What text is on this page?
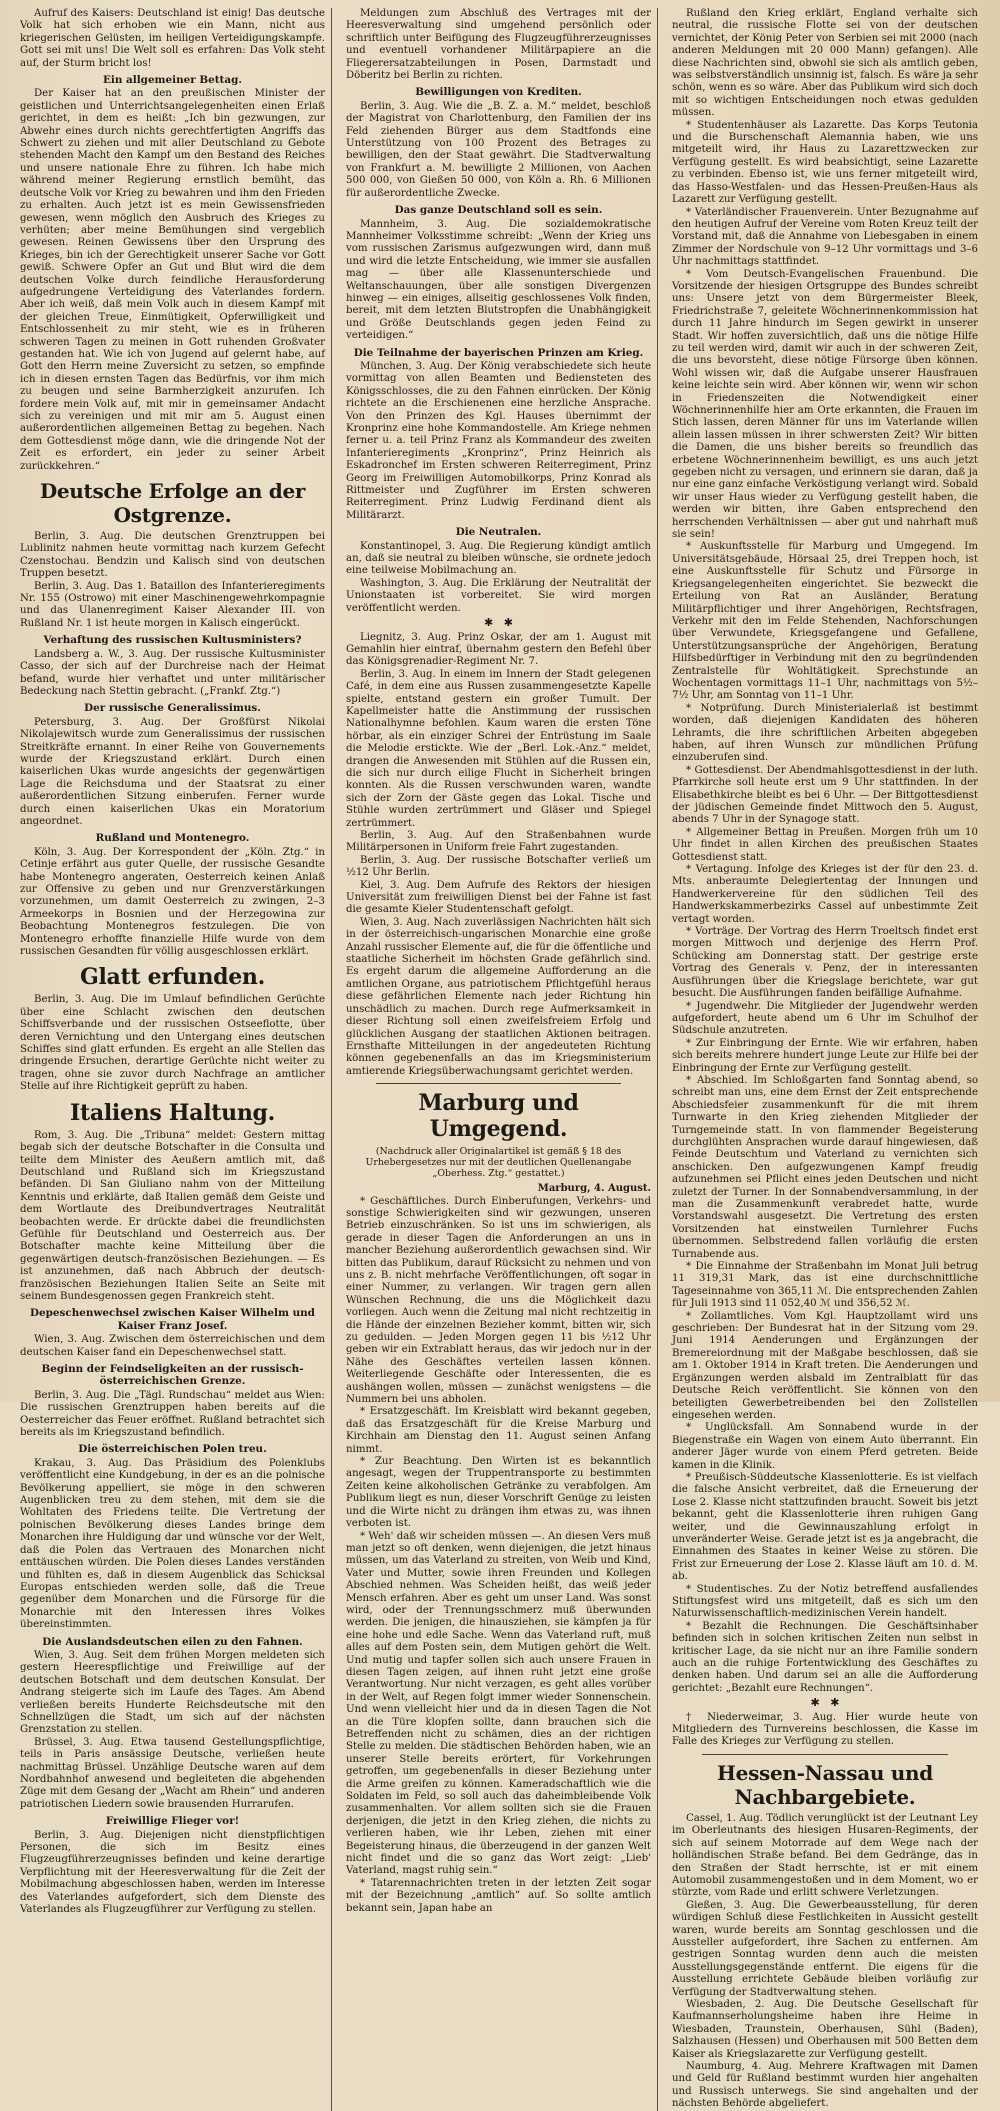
Aufruf des Kaisers: Deutschland ist einig! Das deutsche Volk hat sich erhoben wie ein Mann, nicht aus kriegerischen Gelüsten, im heiligen Verteidigungskampfe. Gott sei mit uns! Die Welt soll es erfahren: Das Volk steht auf, der Sturm bricht los!

Ein allgemeiner Bettag.

Der Kaiser hat an den preußischen Minister der geistlichen und Unterrichtsangelegenheiten einen Erlaß gerichtet, in dem es heißt: „Ich bin gezwungen, zur Abwehr eines durch nichts gerechtfertigten Angriffs das Schwert zu ziehen und mit aller Deutschland zu Gebote stehenden Macht den Kampf um den Bestand des Reiches und unsere nationale Ehre zu führen. Ich habe mich während meiner Regierung ernstlich bemüht, das deutsche Volk vor Krieg zu bewahren und ihm den Frieden zu erhalten. Auch jetzt ist es mein Gewissensfrieden gewesen, wenn möglich den Ausbruch des Krieges zu verhüten; aber meine Bemühungen sind vergeblich gewesen. Reinen Gewissens über den Ursprung des Krieges, bin ich der Gerechtigkeit unserer Sache vor Gott gewiß. Schwere Opfer an Gut und Blut wird die dem deutschen Volke durch feindliche Herausforderung aufgedrungene Verteidigung des Vaterlandes fordern. Aber ich weiß, daß mein Volk auch in diesem Kampf mit der gleichen Treue, Einmütigkeit, Opferwilligkeit und Entschlossenheit zu mir steht, wie es in früheren schweren Tagen zu meinen in Gott ruhenden Großvater gestanden hat. Wie ich von Jugend auf gelernt habe, auf Gott den Herrn meine Zuversicht zu setzen, so empfinde ich in diesen ernsten Tagen das Bedürfnis, vor ihm mich zu beugen und seine Barmherzigkeit anzurufen. Ich fordere mein Volk auf, mit mir in gemeinsamer Andacht sich zu vereinigen und mit mir am 5. August einen außerordentlichen allgemeinen Bettag zu begehen. Nach dem Gottesdienst möge dann, wie die dringende Not der Zeit es erfordert, ein jeder zu seiner Arbeit zurückkehren.“

Deutsche Erfolge an der Ostgrenze.

Berlin, 3. Aug. Die deutschen Grenztruppen bei Lublinitz nahmen heute vormittag nach kurzem Gefecht Czenstochau. Bendzin und Kalisch sind von deutschen Truppen besetzt.

Berlin, 3. Aug. Das 1. Bataillon des Infanterieregiments Nr. 155 (Ostrowo) mit einer Maschinengewehrkompagnie und das Ulanenregiment Kaiser Alexander III. von Rußland Nr. 1 ist heute morgen in Kalisch eingerückt.

Verhaftung des russischen Kultusministers?

Landsberg a. W., 3. Aug. Der russische Kultusminister Casso, der sich auf der Durchreise nach der Heimat befand, wurde hier verhaftet und unter militärischer Bedeckung nach Stettin gebracht. („Frankf. Ztg.“)

Der russische Generalissimus.

Petersburg, 3. Aug. Der Großfürst Nikolai Nikolajewitsch wurde zum Generalissimus der russischen Streitkräfte ernannt. In einer Reihe von Gouvernements wurde der Kriegszustand erklärt. Durch einen kaiserlichen Ukas wurde angesichts der gegenwärtigen Lage die Reichsduma und der Staatsrat zu einer außerordentlichen Sitzung einberufen. Ferner wurde durch einen kaiserlichen Ukas ein Moratorium angeordnet.

Rußland und Montenegro.

Köln, 3. Aug. Der Korrespondent der „Köln. Ztg.“ in Cetinje erfährt aus guter Quelle, der russische Gesandte habe Montenegro angeraten, Oesterreich keinen Anlaß zur Offensive zu geben und nur Grenzverstärkungen vorzunehmen, um damit Oesterreich zu zwingen, 2–3 Armeekorps in Bosnien und der Herzegowina zur Beobachtung Montenegros festzulegen. Die von Montenegro erhoffte finanzielle Hilfe wurde von dem russischen Gesandten für völlig ausgeschlossen erklärt.

Glatt erfunden.

Berlin, 3. Aug. Die im Umlauf befindlichen Gerüchte über eine Schlacht zwischen den deutschen Schiffsverbande und der russischen Ostseeflotte, über deren Vernichtung und den Untergang eines deutschen Schiffes sind glatt erfunden. Es ergeht an alle Stellen das dringende Ersuchen, derartige Gerüchte nicht weiter zu tragen, ohne sie zuvor durch Nachfrage an amtlicher Stelle auf ihre Richtigkeit geprüft zu haben.

Italiens Haltung.

Rom, 3. Aug. Die „Tribuna“ meldet: Gestern mittag begab sich der deutsche Botschafter in die Consulta und teilte dem Minister des Aeußern amtlich mit, daß Deutschland und Rußland sich im Kriegszustand befänden. Di San Giuliano nahm von der Mitteilung Kenntnis und erklärte, daß Italien gemäß dem Geiste und dem Wortlaute des Dreibundvertrages Neutralität beobachten werde. Er drückte dabei die freundlichsten Gefühle für Deutschland und Oesterreich aus. Der Botschafter machte keine Mitteilung über die gegenwärtigen deutsch-französischen Beziehungen. — Es ist anzunehmen, daß nach Abbruch der deutsch-französischen Beziehungen Italien Seite an Seite mit seinem Bundesgenossen gegen Frankreich steht.

Depeschenwechsel zwischen Kaiser Wilhelm und Kaiser Franz Josef.

Wien, 3. Aug. Zwischen dem österreichischen und dem deutschen Kaiser fand ein Depeschenwechsel statt.

Beginn der Feindseligkeiten an der russisch-österreichischen Grenze.

Berlin, 3. Aug. Die „Tägl. Rundschau“ meldet aus Wien: Die russischen Grenztruppen haben bereits auf die Oesterreicher das Feuer eröffnet. Rußland betrachtet sich bereits als im Kriegszustand befindlich.

Die österreichischen Polen treu.

Krakau, 3. Aug. Das Präsidium des Polenklubs veröffentlicht eine Kundgebung, in der es an die polnische Bevölkerung appelliert, sie möge in den schweren Augenblicken treu zu dem stehen, mit dem sie die Wohltaten des Friedens teilte. Die Vertretung der polnischen Bevölkerung dieses Landes bringe dem Monarchen ihre Huldigung dar und wünsche vor der Welt, daß die Polen das Vertrauen des Monarchen nicht enttäuschen würden. Die Polen dieses Landes verständen und fühlten es, daß in diesem Augenblick das Schicksal Europas entschieden werden solle, daß die Treue gegenüber dem Monarchen und die Fürsorge für die Monarchie mit den Interessen ihres Volkes übereinstimmten.

Die Auslandsdeutschen eilen zu den Fahnen.

Wien, 3. Aug. Seit dem frühen Morgen meldeten sich gestern Heerespflichtige und Freiwillige auf der deutschen Botschaft und dem deutschen Konsulat. Der Andrang steigerte sich im Laufe des Tages. Am Abend verließen bereits Hunderte Reichsdeutsche mit den Schnellzügen die Stadt, um sich auf der nächsten Grenzstation zu stellen.

Brüssel, 3. Aug. Etwa tausend Gestellungspflichtige, teils in Paris ansässige Deutsche, verließen heute nachmittag Brüssel. Unzählige Deutsche waren auf dem Nordbahnhof anwesend und begleiteten die abgehenden Züge mit dem Gesang der „Wacht am Rhein“ und anderen patriotischen Liedern sowie brausenden Hurrarufen.

Freiwillige Flieger vor!

Berlin, 3. Aug. Diejenigen nicht dienstpflichtigen Personen, die sich im Besitz eines Flugzeugführerzeugnisses befinden und keine derartige Verpflichtung mit der Heeresverwaltung für die Zeit der Mobilmachung abgeschlossen haben, werden im Interesse des Vaterlandes aufgefordert, sich dem Dienste des Vaterlandes als Flugzeugführer zur Verfügung zu stellen.

Meldungen zum Abschluß des Vertrages mit der Heeresverwaltung sind umgehend persönlich oder schriftlich unter Beifügung des Flugzeugführerzeugnisses und eventuell vorhandener Militärpapiere an die Fliegerersatzabteilungen in Posen, Darmstadt und Döberitz bei Berlin zu richten.

Bewilligungen von Krediten.

Berlin, 3. Aug. Wie die „B. Z. a. M.“ meldet, beschloß der Magistrat von Charlottenburg, den Familien der ins Feld ziehenden Bürger aus dem Stadtfonds eine Unterstützung von 100 Prozent des Betrages zu bewilligen, den der Staat gewährt. Die Stadtverwaltung von Frankfurt a. M. bewilligte 2 Millionen, von Aachen 500 000, von Gießen 50 000, von Köln a. Rh. 6 Millionen für außerordentliche Zwecke.

Das ganze Deutschland soll es sein.

Mannheim, 3. Aug. Die sozialdemokratische Mannheimer Volksstimme schreibt: „Wenn der Krieg uns vom russischen Zarismus aufgezwungen wird, dann muß und wird die letzte Entscheidung, wie immer sie ausfallen mag — über alle Klassenunterschiede und Weltanschauungen, über alle sonstigen Divergenzen hinweg — ein einiges, allseitig geschlossenes Volk finden, bereit, mit dem letzten Blutstropfen die Unabhängigkeit und Größe Deutschlands gegen jeden Feind zu verteidigen.“

Die Teilnahme der bayerischen Prinzen am Krieg.

München, 3. Aug. Der König verabschiedete sich heute vormittag von allen Beamten und Bediensteten des Königsschlosses, die zu den Fahnen einrücken. Der König richtete an die Erschienenen eine herzliche Ansprache. Von den Prinzen des Kgl. Hauses übernimmt der Kronprinz eine hohe Kommandostelle. Am Kriege nehmen ferner u. a. teil Prinz Franz als Kommandeur des zweiten Infanterieregiments „Kronprinz“, Prinz Heinrich als Eskadronchef im Ersten schweren Reiterregiment, Prinz Georg im Freiwilligen Automobilkorps, Prinz Konrad als Rittmeister und Zugführer im Ersten schweren Reiterregiment. Prinz Ludwig Ferdinand dient als Militärarzt.

Die Neutralen.

Konstantinopel, 3. Aug. Die Regierung kündigt amtlich an, daß sie neutral zu bleiben wünsche, sie ordnete jedoch eine teilweise Mobilmachung an.

Washington, 3. Aug. Die Erklärung der Neutralität der Unionstaaten ist vorbereitet. Sie wird morgen veröffentlicht werden.

✱   ✱

Liegnitz, 3. Aug. Prinz Oskar, der am 1. August mit Gemahlin hier eintraf, übernahm gestern den Befehl über das Königsgrenadier-Regiment Nr. 7.

Berlin, 3. Aug. In einem im Innern der Stadt gelegenen Café, in dem eine aus Russen zusammengesetzte Kapelle spielte, entstand gestern ein großer Tumult. Der Kapellmeister hatte die Anstimmung der russischen Nationalhymne befohlen. Kaum waren die ersten Töne hörbar, als ein einziger Schrei der Entrüstung im Saale die Melodie erstickte. Wie der „Berl. Lok.-Anz.“ meldet, drangen die Anwesenden mit Stühlen auf die Russen ein, die sich nur durch eilige Flucht in Sicherheit bringen konnten. Als die Russen verschwunden waren, wandte sich der Zorn der Gäste gegen das Lokal. Tische und Stühle wurden zertrümmert und Gläser und Spiegel zertrümmert.

Berlin, 3. Aug. Auf den Straßenbahnen wurde Militärpersonen in Uniform freie Fahrt zugestanden.

Berlin, 3. Aug. Der russische Botschafter verließ um ½12 Uhr Berlin.

Kiel, 3. Aug. Dem Aufrufe des Rektors der hiesigen Universität zum freiwilligen Dienst bei der Fahne ist fast die gesamte Kieler Studentenschaft gefolgt.

Wien, 3. Aug. Nach zuverlässigen Nachrichten hält sich in der österreichisch-ungarischen Monarchie eine große Anzahl russischer Elemente auf, die für die öffentliche und staatliche Sicherheit im höchsten Grade gefährlich sind. Es ergeht darum die allgemeine Aufforderung an die amtlichen Organe, aus patriotischem Pflichtgefühl heraus diese gefährlichen Elemente nach jeder Richtung hin unschädlich zu machen. Durch rege Aufmerksamkeit in dieser Richtung soll einen zweifelsfreiem Erfolg und glücklichen Ausgang der staatlichen Aktionen beitragen. Ernsthafte Mitteilungen in der angedeuteten Richtung können gegebenenfalls an das im Kriegsministerium amtierende Kriegsüberwachungsamt gerichtet werden.

Marburg und Umgegend.
(Nachdruck aller Originalartikel ist gemäß § 18 des Urhebergesetzes nur mit der deutlichen Quellenangabe „Oberhess. Ztg.“ gestattet.)
Marburg, 4. August.

* Geschäftliches. Durch Einberufungen, Verkehrs- und sonstige Schwierigkeiten sind wir gezwungen, unseren Betrieb einzuschränken. So ist uns im schwierigen, als gerade in dieser Tagen die Anforderungen an uns in mancher Beziehung außerordentlich gewachsen sind. Wir bitten das Publikum, darauf Rücksicht zu nehmen und von uns z. B. nicht mehrfache Veröffentlichungen, oft sogar in einer Nummer, zu verlangen. Wir tragen gern allen Wünschen Rechnung, die uns die Möglichkeit dazu vorliegen. Auch wenn die Zeitung mal nicht rechtzeitig in die Hände der einzelnen Bezieher kommt, bitten wir, sich zu gedulden. — Jeden Morgen gegen 11 bis ½12 Uhr geben wir ein Extrablatt heraus, das wir jedoch nur in der Nähe des Geschäftes verteilen lassen können. Weiterliegende Geschäfte oder Interessenten, die es aushängen wollen, müssen — zunächst wenigstens — die Nummern bei uns abholen.

* Ersatzgeschäft. Im Kreisblatt wird bekannt gegeben, daß das Ersatzgeschäft für die Kreise Marburg und Kirchhain am Dienstag den 11. August seinen Anfang nimmt.

* Zur Beachtung. Den Wirten ist es bekanntlich angesagt, wegen der Truppentransporte zu bestimmten Zeiten keine alkoholischen Getränke zu verabfolgen. Am Publikum liegt es nun, dieser Vorschrift Genüge zu leisten und die Wirte nicht zu drängen ihm etwas zu, was ihnen verboten ist.

* Weh' daß wir scheiden müssen —. An diesen Vers muß man jetzt so oft denken, wenn diejenigen, die jetzt hinaus müssen, um das Vaterland zu streiten, von Weib und Kind, Vater und Mutter, sowie ihren Freunden und Kollegen Abschied nehmen. Was Scheiden heißt, das weiß jeder Mensch erfahren. Aber es geht um unser Land. Was sonst wird, oder der Trennungsschmerz muß überwunden werden. Die jenigen, die hinausziehen, sie kämpfen ja für eine hohe und edle Sache. Wenn das Vaterland ruft, muß alles auf dem Posten sein, dem Mutigen gehört die Welt. Und mutig und tapfer sollen sich auch unsere Frauen in diesen Tagen zeigen, auf ihnen ruht jetzt eine große Verantwortung. Nur nicht verzagen, es geht alles vorüber in der Welt, auf Regen folgt immer wieder Sonnenschein. Und wenn vielleicht hier und da in diesen Tagen die Not an die Türe klopfen sollte, dann brauchen sich die Betreffenden nicht zu schämen, dies an der richtigen Stelle zu melden. Die städtischen Behörden haben, wie an unserer Stelle bereits erörtert, für Vorkehrungen getroffen, um gegebenenfalls in dieser Beziehung unter die Arme greifen zu können. Kameradschaftlich wie die Soldaten im Feld, so soll auch das daheimbleibende Volk zusammenhalten. Vor allem sollten sich sie die Frauen derjenigen, die jetzt in den Krieg ziehen, die nichts zu verlieren haben, wie ihr Leben, ziehen mit einer Begeisterung hinaus, die überzeugend in der ganzen Welt nicht findet und die so ganz das Wort zeigt: „Lieb' Vaterland, magst ruhig sein.“

* Tatarennachrichten treten in der letzten Zeit sogar mit der Bezeichnung „amtlich“ auf. So sollte amtlich bekannt sein, Japan habe an

Rußland den Krieg erklärt, England verhalte sich neutral, die russische Flotte sei von der deutschen vernichtet, der König Peter von Serbien sei mit 2000 (nach anderen Meldungen mit 20 000 Mann) gefangen). Alle diese Nachrichten sind, obwohl sie sich als amtlich geben, was selbstverständlich unsinnig ist, falsch. Es wäre ja sehr schön, wenn es so wäre. Aber das Publikum wird sich doch mit so wichtigen Entscheidungen noch etwas gedulden müssen.

* Studentenhäuser als Lazarette. Das Korps Teutonia und die Burschenschaft Alemannia haben, wie uns mitgeteilt wird, ihr Haus zu Lazarettzwecken zur Verfügung gestellt. Es wird beabsichtigt, seine Lazarette zu verbinden. Ebenso ist, wie uns ferner mitgeteilt wird, das Hasso-Westfalen- und das Hessen-Preußen-Haus als Lazarett zur Verfügung gestellt.

* Vaterländischer Frauenverein. Unter Bezugnahme auf den heutigen Aufruf der Vereine vom Roten Kreuz teilt der Vorstand mit, daß die Annahme von Liebesgaben in einem Zimmer der Nordschule von 9–12 Uhr vormittags und 3–6 Uhr nachmittags stattfindet.

* Vom Deutsch-Evangelischen Frauenbund. Die Vorsitzende der hiesigen Ortsgruppe des Bundes schreibt uns: Unsere jetzt von dem Bürgermeister Bleek, Friedrichstraße 7, geleitete Wöchnerinnenkommission hat durch 11 Jahre hindurch im Segen gewirkt in unserer Stadt. Wir hoffen zuversichtlich, daß uns die nötige Hilfe zu teil werden wird, damit wir auch in der schweren Zeit, die uns bevorsteht, diese nötige Fürsorge üben können. Wohl wissen wir, daß die Aufgabe unserer Hausfrauen keine leichte sein wird. Aber können wir, wenn wir schon in Friedenszeiten die Notwendigkeit einer Wöchnerinnenhilfe hier am Orte erkannten, die Frauen im Stich lassen, deren Männer für uns im Vaterlande willen allein lassen müssen in ihrer schwersten Zeit? Wir bitten die Damen, die uns bisher bereits so freundlich das erbetene Wöchnerinnenheim bewilligt, es uns auch jetzt gegeben nicht zu versagen, und erinnern sie daran, daß ja nur eine ganz einfache Verköstigung verlangt wird. Sobald wir unser Haus wieder zu Verfügung gestellt haben, die werden wir bitten, ihre Gaben entsprechend den herrschenden Verhältnissen — aber gut und nahrhaft muß sie sein!

* Auskunftsstelle für Marburg und Umgegend. Im Universitätsgebäude, Hörsaal 25, drei Treppen hoch, ist eine Auskunftsstelle für Schutz und Fürsorge in Kriegsangelegenheiten eingerichtet. Sie bezweckt die Erteilung von Rat an Ausländer, Beratung Militärpflichtiger und ihrer Angehörigen, Rechtsfragen, Verkehr mit den im Felde Stehenden, Nachforschungen über Verwundete, Kriegsgefangene und Gefallene, Unterstützungsansprüche der Angehörigen, Beratung Hilfsbedürftiger in Verbindung mit den zu begründenden Zentralstelle für Wohltätigkeit. Sprechstunde an Wochentagen vormittags 11–1 Uhr, nachmittags von 5½–7½ Uhr, am Sonntag von 11–1 Uhr.

* Notprüfung. Durch Ministerialerlaß ist bestimmt worden, daß diejenigen Kandidaten des höheren Lehramts, die ihre schriftlichen Arbeiten abgegeben haben, auf ihren Wunsch zur mündlichen Prüfung einzuberufen sind.

* Gottesdienst. Der Abendmahlsgottesdienst in der luth. Pfarrkirche soll heute erst um 9 Uhr stattfinden. In der Elisabethkirche bleibt es bei 6 Uhr. — Der Bittgottesdienst der jüdischen Gemeinde findet Mittwoch den 5. August, abends 7 Uhr in der Synagoge statt.

* Allgemeiner Bettag in Preußen. Morgen früh um 10 Uhr findet in allen Kirchen des preußischen Staates Gottesdienst statt.

* Vertagung. Infolge des Krieges ist der für den 23. d. Mts. anberaumte Delegiertentag der Innungen und Handwerkervereine für den südlichen Teil des Handwerkskammerbezirks Cassel auf unbestimmte Zeit vertagt worden.

* Vorträge. Der Vortrag des Herrn Troeltsch findet erst morgen Mittwoch und derjenige des Herrn Prof. Schücking am Donnerstag statt. Der gestrige erste Vortrag des Generals v. Penz, der in interessanten Ausführungen über die Kriegslage berichtete, war gut besucht. Die Ausführungen fanden beifällige Aufnahme.

* Jugendwehr. Die Mitglieder der Jugendwehr werden aufgefordert, heute abend um 6 Uhr im Schulhof der Südschule anzutreten.

* Zur Einbringung der Ernte. Wie wir erfahren, haben sich bereits mehrere hundert junge Leute zur Hilfe bei der Einbringung der Ernte zur Verfügung gestellt.

* Abschied. Im Schloßgarten fand Sonntag abend, so schreibt man uns, eine dem Ernst der Zeit entsprechende Abschiedsfeier zusammenkunft für die mit ihrem Turnwarte in den Krieg ziehenden Mitglieder der Turngemeinde statt. In von flammender Begeisterung durchglühten Ansprachen wurde darauf hingewiesen, daß Feinde Deutschtum und Vaterland zu vernichten sich anschicken. Den aufgezwungenen Kampf freudig aufzunehmen sei Pflicht eines jeden Deutschen und nicht zuletzt der Turner. In der Sonnabendversammlung, in der man die Zusammenkunft verabredet hatte, wurde Vorstandswahl ausgesetzt. Die Vertretung des ersten Vorsitzenden hat einstweilen Turnlehrer Fuchs übernommen. Selbstredend fallen vorläufig die ersten Turnabende aus.

* Die Einnahme der Straßenbahn im Monat Juli betrug 11 319,31 Mark, das ist eine durchschnittliche Tageseinnahme von 365,11 ℳ. Die entsprechenden Zahlen für Juli 1913 sind 11 052,40 ℳ und 356,52 ℳ.

* Zollamtliches. Vom Kgl. Hauptzollamt wird uns geschrieben: Der Bundesrat hat in der Sitzung vom 29. Juni 1914 Aenderungen und Ergänzungen der Bremereiordnung mit der Maßgabe beschlossen, daß sie am 1. Oktober 1914 in Kraft treten. Die Aenderungen und Ergänzungen werden alsbald im Zentralblatt für das Deutsche Reich veröffentlicht. Sie können von den beteiligten Gewerbetreibenden bei den Zollstellen eingesehen werden.

* Unglücksfall. Am Sonnabend wurde in der Biegenstraße ein Wagen von einem Auto überrannt. Ein anderer Jäger wurde von einem Pferd getreten. Beide kamen in die Klinik.

* Preußisch-Süddeutsche Klassenlotterie. Es ist vielfach die falsche Ansicht verbreitet, daß die Erneuerung der Lose 2. Klasse nicht stattzufinden braucht. Soweit bis jetzt bekannt, geht die Klassenlotterie ihren ruhigen Gang weiter, und die Gewinnauszahlung erfolgt in unveränderter Weise. Gerade jetzt ist es ja angebracht, die Einnahmen des Staates in keiner Weise zu stören. Die Frist zur Erneuerung der Lose 2. Klasse läuft am 10. d. M. ab.

* Studentisches. Zu der Notiz betreffend ausfallendes Stiftungsfest wird uns mitgeteilt, daß es sich um den Naturwissenschaftlich-medizinischen Verein handelt.

* Bezahlt die Rechnungen. Die Geschäftsinhaber befinden sich in solchen kritischen Zeiten nun selbst in kritischer Lage, da sie nicht nur an ihre Familie sondern auch an die ruhige Fortentwicklung des Geschäftes zu denken haben. Und darum sei an alle die Aufforderung gerichtet: „Bezahlt eure Rechnungen“.

✱   ✱

† Niederweimar, 3. Aug. Hier wurde heute von Mitgliedern des Turnvereins beschlossen, die Kasse im Falle des Krieges zur Verfügung zu stellen.

Hessen-Nassau und Nachbargebiete.

Cassel, 1. Aug. Tödlich verunglückt ist der Leutnant Ley im Oberleutnants des hiesigen Husaren-Regiments, der sich auf seinem Motorrade auf dem Wege nach der holländischen Straße befand. Bei dem Gedränge, das in den Straßen der Stadt herrschte, ist er mit einem Automobil zusammengestoßen und in dem Moment, wo er stürzte, vom Rade und erlitt schwere Verletzungen.

Gießen, 3. Aug. Die Gewerbeausstellung, für deren würdigen Schluß diese Festlichkeiten in Aussicht gestellt waren, wurde bereits am Sonntag geschlossen und die Aussteller aufgefordert, ihre Sachen zu entfernen. Am gestrigen Sonntag wurden denn auch die meisten Ausstellungsgegenstände entfernt. Die eigens für die Ausstellung errichtete Gebäude bleiben vorläufig zur Verfügung der Stadtverwaltung stehen.

Wiesbaden, 2. Aug. Die Deutsche Gesellschaft für Kaufmannserholungsheime haben ihre Heime in Wiesbaden, Traunstein, Oberhausen, Sühl (Baden), Salzhausen (Hessen) und Oberhausen mit 500 Betten dem Kaiser als Kriegslazarette zur Verfügung gestellt.

Naumburg, 4. Aug. Mehrere Kraftwagen mit Damen und Geld für Rußland bestimmt wurden hier angehalten und Russisch unterwegs. Sie sind angehalten und der nächsten Behörde abgeliefert.
